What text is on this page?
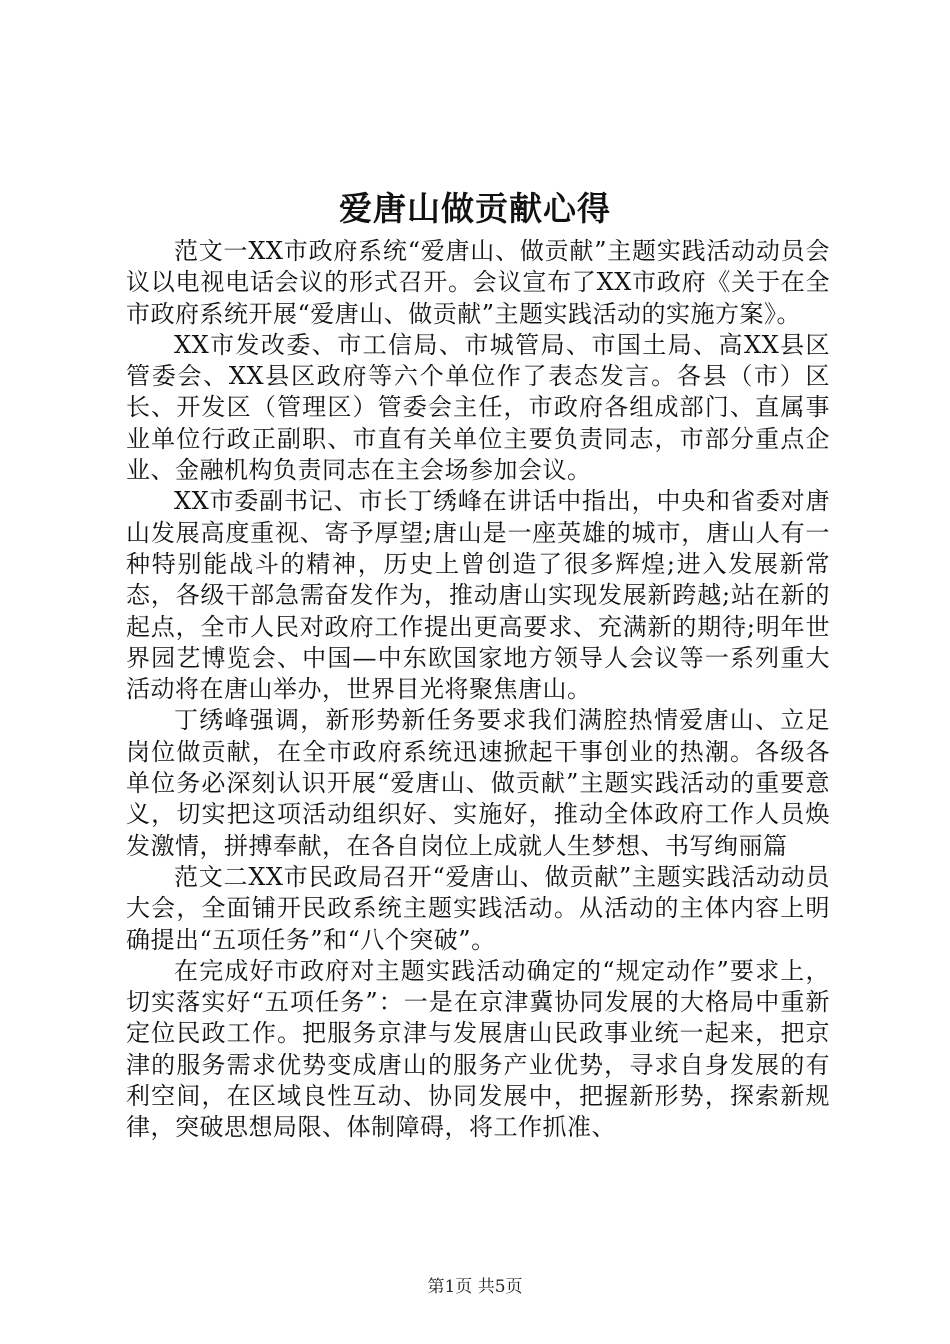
爱唐山做贡献心得

范文一XX市政府系统“爱唐山、做贡献”主题实践活动动员会议以电视电话会议的形式召开。会议宣布了XX市政府《关于在全市政府系统开展“爱唐山、做贡献”主题实践活动的实施方案》。

XX市发改委、市工信局、市城管局、市国土局、高XX县区管委会、XX县区政府等六个单位作了表态发言。各县（市）区长、开发区（管理区）管委会主任，市政府各组成部门、直属事业单位行政正副职、市直有关单位主要负责同志，市部分重点企业、金融机构负责同志在主会场参加会议。

XX市委副书记、市长丁绣峰在讲话中指出，中央和省委对唐山发展高度重视、寄予厚望;唐山是一座英雄的城市，唐山人有一种特别能战斗的精神，历史上曾创造了很多辉煌;进入发展新常态，各级干部急需奋发作为，推动唐山实现发展新跨越;站在新的起点，全市人民对政府工作提出更高要求、充满新的期待;明年世界园艺博览会、中国—中东欧国家地方领导人会议等一系列重大活动将在唐山举办，世界目光将聚焦唐山。

丁绣峰强调，新形势新任务要求我们满腔热情爱唐山、立足岗位做贡献，在全市政府系统迅速掀起干事创业的热潮。各级各单位务必深刻认识开展“爱唐山、做贡献”主题实践活动的重要意义，切实把这项活动组织好、实施好，推动全体政府工作人员焕发激情，拼搏奉献，在各自岗位上成就人生梦想、书写绚丽篇

范文二XX市民政局召开“爱唐山、做贡献”主题实践活动动员大会，全面铺开民政系统主题实践活动。从活动的主体内容上明确提出“五项任务”和“八个突破”。

在完成好市政府对主题实践活动确定的“规定动作”要求上，切实落实好“五项任务”：一是在京津冀协同发展的大格局中重新定位民政工作。把服务京津与发展唐山民政事业统一起来，把京津的服务需求优势变成唐山的服务产业优势，寻求自身发展的有利空间，在区域良性互动、协同发展中，把握新形势，探索新规律，突破思想局限、体制障碍，将工作抓准、

第1页 共5页
